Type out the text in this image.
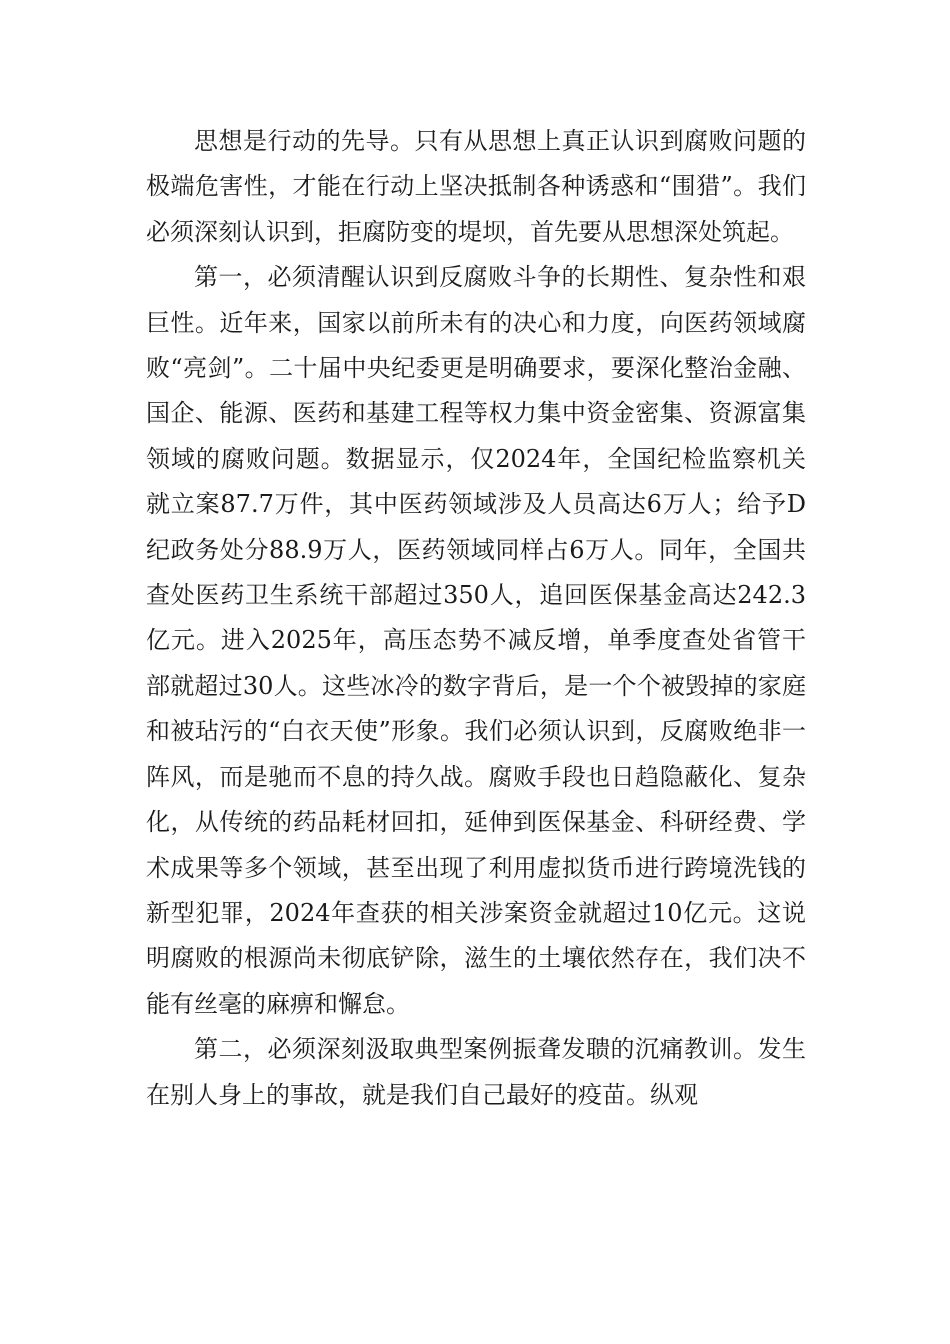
思想是行动的先导。只有从思想上真正认识到腐败问题的极端危害性，才能在行动上坚决抵制各种诱惑和“围猎”。我们必须深刻认识到，拒腐防变的堤坝，首先要从思想深处筑起。

第一，必须清醒认识到反腐败斗争的长期性、复杂性和艰巨性。近年来，国家以前所未有的决心和力度，向医药领域腐败“亮剑”。二十届中央纪委更是明确要求，要深化整治金融、国企、能源、医药和基建工程等权力集中资金密集、资源富集领域的腐败问题。数据显示，仅2024年，全国纪检监察机关就立案87.7万件，其中医药领域涉及人员高达6万人；给予D纪政务处分88.9万人，医药领域同样占6万人。同年，全国共查处医药卫生系统干部超过350人，追回医保基金高达242.3亿元。进入2025年，高压态势不减反增，单季度查处省管干部就超过30人。这些冰冷的数字背后，是一个个被毁掉的家庭和被玷污的“白衣天使”形象。我们必须认识到，反腐败绝非一阵风，而是驰而不息的持久战。腐败手段也日趋隐蔽化、复杂化，从传统的药品耗材回扣，延伸到医保基金、科研经费、学术成果等多个领域，甚至出现了利用虚拟货币进行跨境洗钱的新型犯罪，2024年查获的相关涉案资金就超过10亿元。这说明腐败的根源尚未彻底铲除，滋生的土壤依然存在，我们决不能有丝毫的麻痹和懈怠。

第二，必须深刻汲取典型案例振聋发聩的沉痛教训。发生在别人身上的事故，就是我们自己最好的疫苗。纵观
